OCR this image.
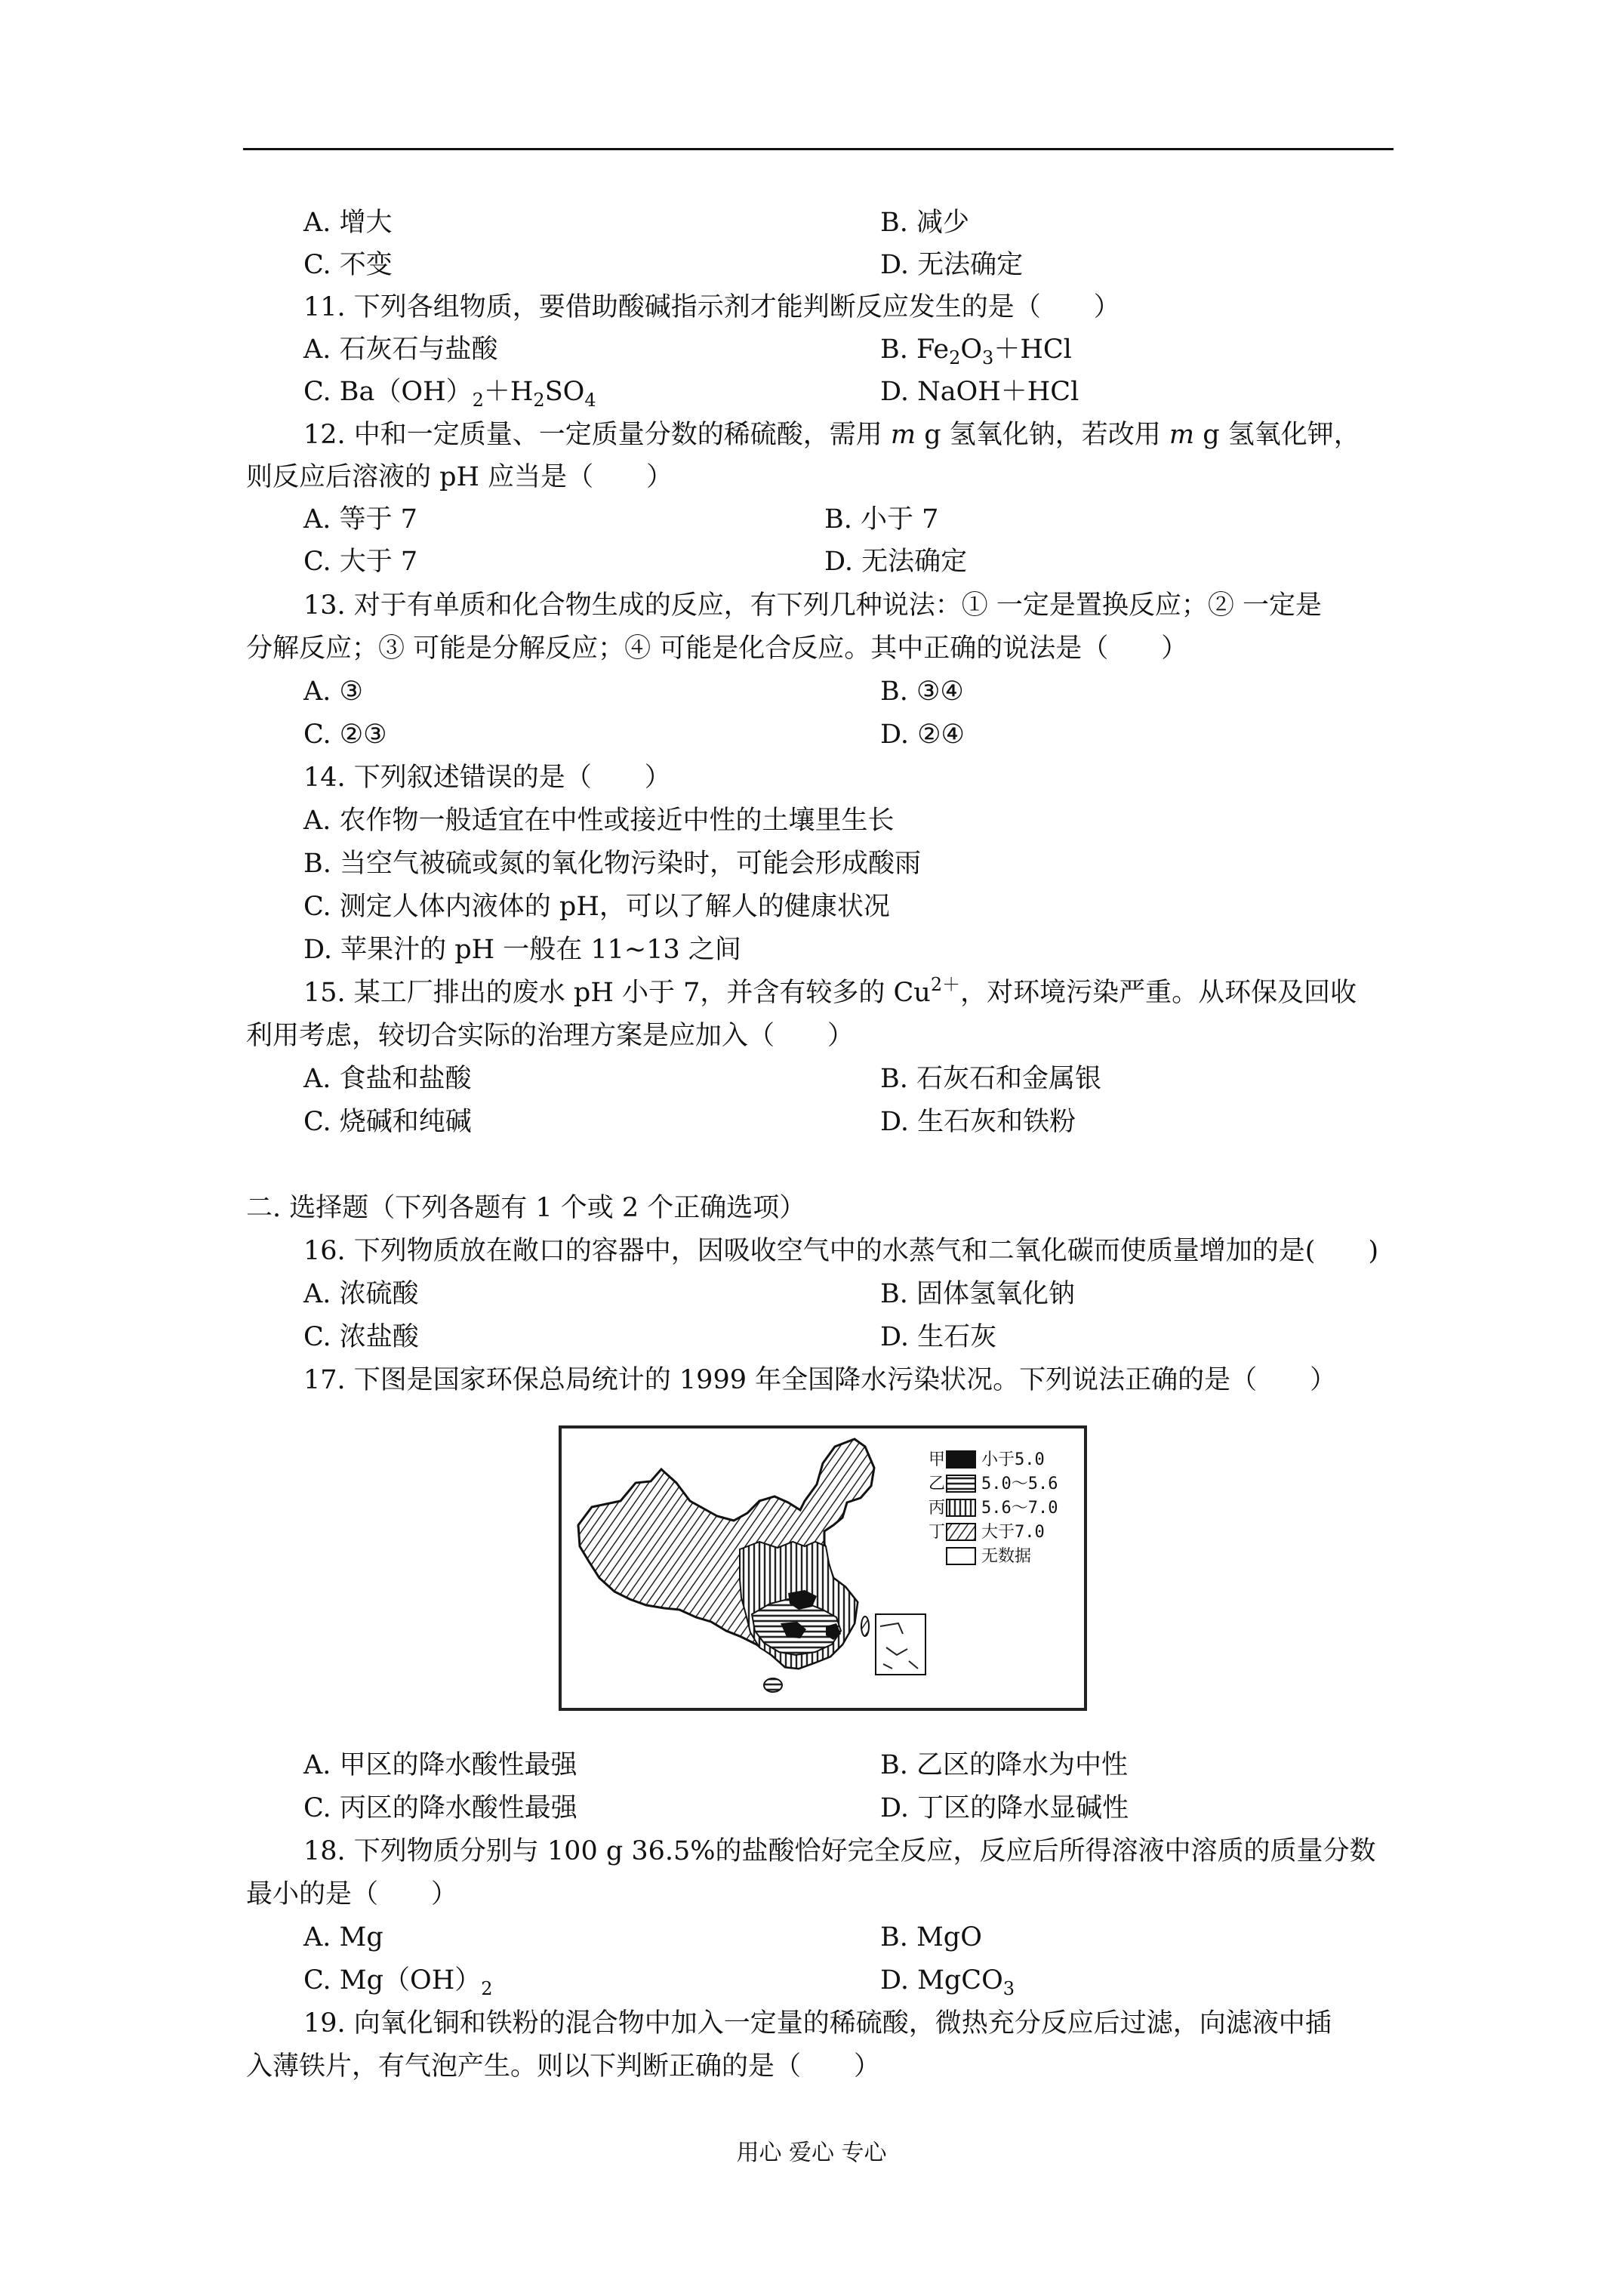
A. 增大	B. 减少
C. 不变	D. 无法确定
11. 下列各组物质，要借助酸碱指示剂才能判断反应发生的是（　　）
A. 石灰石与盐酸	B. $Fe_2O_3+HCl$
C. $Ba(OH)_2+H_2SO_4$	D. NaOH＋HCl
12. 中和一定质量、一定质量分数的稀硫酸，需用 m g 氢氧化钠，若改用 m g 氢氧化钾，
则反应后溶液的 pH 应当是（　　）
A. 等于 7	B. 小于 7
C. 大于 7	D. 无法确定
13. 对于有单质和化合物生成的反应，有下列几种说法：① 一定是置换反应；② 一定是
分解反应；③ 可能是分解反应；④ 可能是化合反应。其中正确的说法是（　　）
A. ③	B. ③④
C. ②③	D. ②④
14. 下列叙述错误的是（　　）
A. 农作物一般适宜在中性或接近中性的土壤里生长
B. 当空气被硫或氮的氧化物污染时，可能会形成酸雨
C. 测定人体内液体的 pH，可以了解人的健康状况
D. 苹果汁的 pH 一般在 11~13 之间
15. 某工厂排出的废水 pH 小于 7，并含有较多的 $Cu^{2+}$，对环境污染严重。从环保及回收
利用考虑，较切合实际的治理方案是应加入（　　）
A. 食盐和盐酸	B. 石灰石和金属银
C. 烧碱和纯碱	D. 生石灰和铁粉
二. 选择题（下列各题有 1 个或 2 个正确选项）
16. 下列物质放在敞口的容器中，因吸收空气中的水蒸气和二氧化碳而使质量增加的是(　　)
A. 浓硫酸	B. 固体氢氧化钠
C. 浓盐酸	D. 生石灰
17. 下图是国家环保总局统计的 1999 年全国降水污染状况。下列说法正确的是（　　）
甲 小于5.0
乙 5.0～5.6
丙 5.6～7.0
丁 大于7.0
无数据
A. 甲区的降水酸性最强	B. 乙区的降水为中性
C. 丙区的降水酸性最强	D. 丁区的降水显碱性
18. 下列物质分别与 100 g 36.5%的盐酸恰好完全反应，反应后所得溶液中溶质的质量分数
最小的是（　　）
A. Mg	B. MgO
C. $Mg(OH)_2$	D. MgCO$_3$
19. 向氧化铜和铁粉的混合物中加入一定量的稀硫酸，微热充分反应后过滤，向滤液中插
入薄铁片，有气泡产生。则以下判断正确的是（　　）
用心 爱心 专心
